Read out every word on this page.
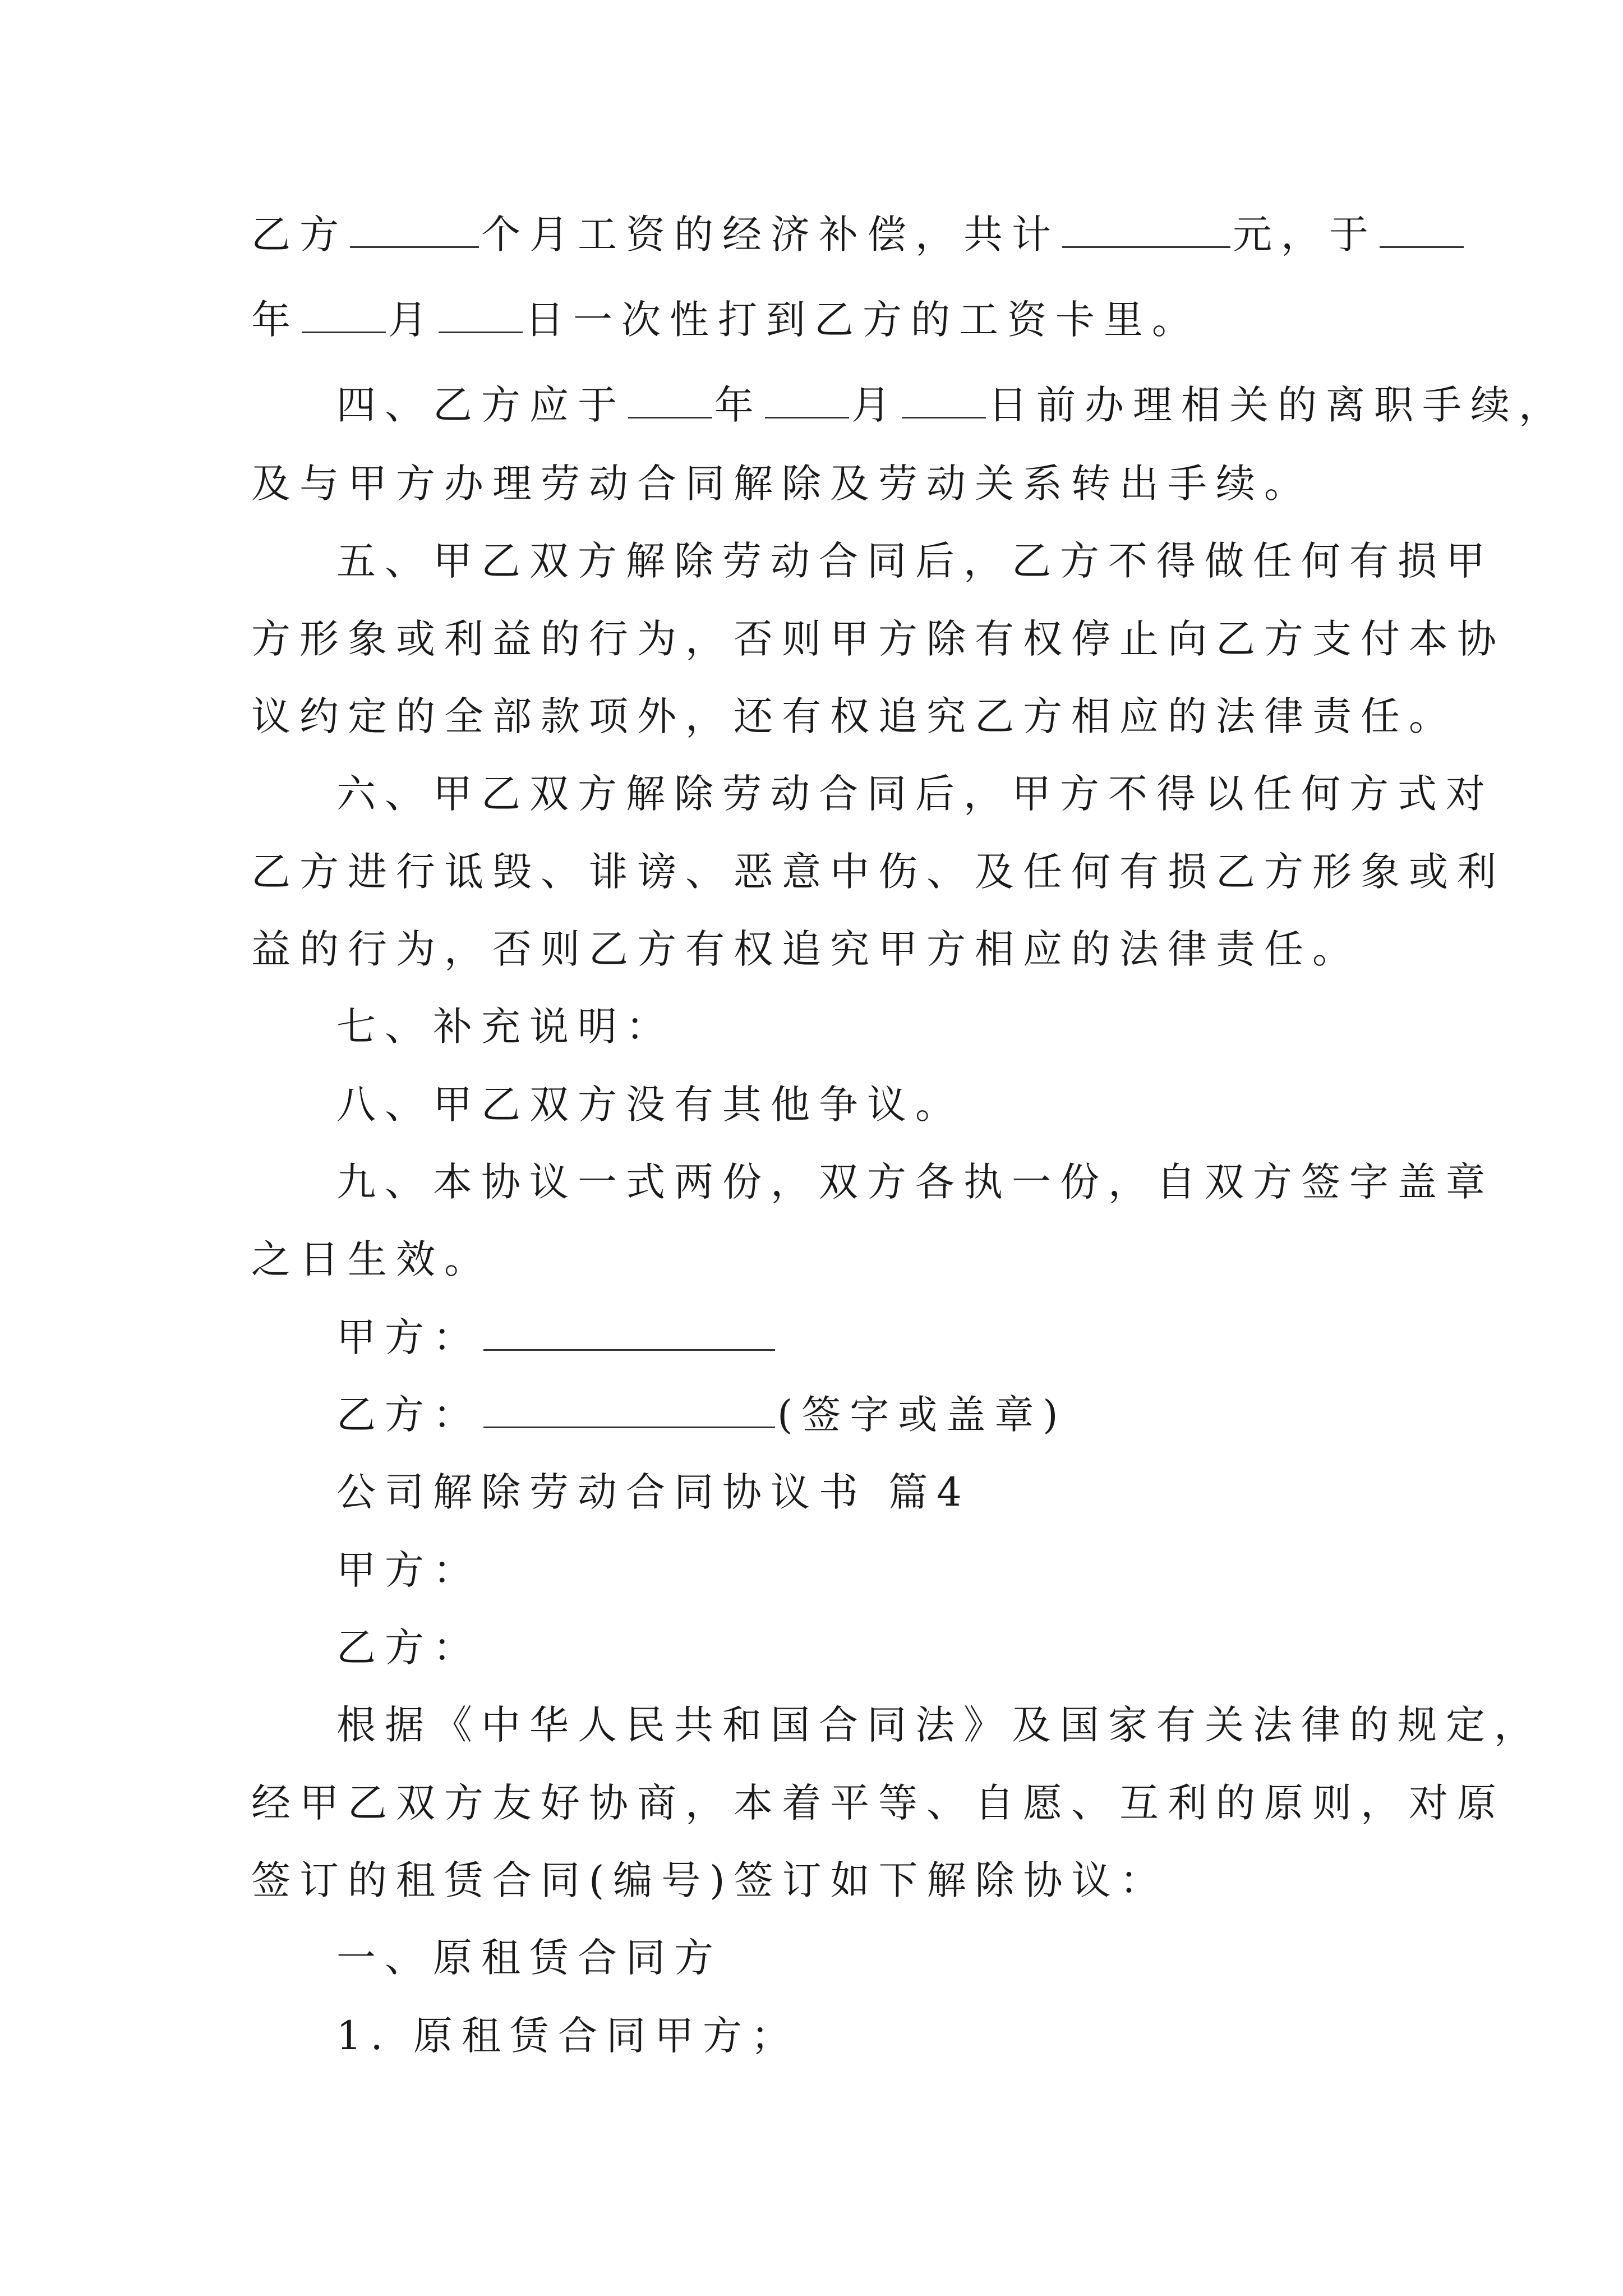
乙方	个月工资的经济补偿，共计	元，于
年 月 日一次性打到乙方的工资卡里。
四、乙方应于 年 月 日前办理相关的离职手续，
及与甲方办理劳动合同解除及劳动关系转出手续。
五、甲乙双方解除劳动合同后，乙方不得做任何有损甲
方形象或利益的行为，否则甲方除有权停止向乙方支付本协
议约定的全部款项外，还有权追究乙方相应的法律责任。
六、甲乙双方解除劳动合同后，甲方不得以任何方式对
乙方进行诋毁、诽谤、恶意中伤、及任何有损乙方形象或利
益的行为，否则乙方有权追究甲方相应的法律责任。
七、补充说明：
八、甲乙双方没有其他争议。
九、本协议一式两份，双方各执一份，自双方签字盖章
之日生效。
甲方：
乙方：	(签字或盖章)
公司解除劳动合同协议书 篇4
甲方：
乙方：
根据《中华人民共和国合同法》及国家有关法律的规定，
经甲乙双方友好协商，本着平等、自愿、互利的原则，对原
签订的租赁合同(编号)签订如下解除协议：
一、原租赁合同方
1. 原租赁合同甲方；
